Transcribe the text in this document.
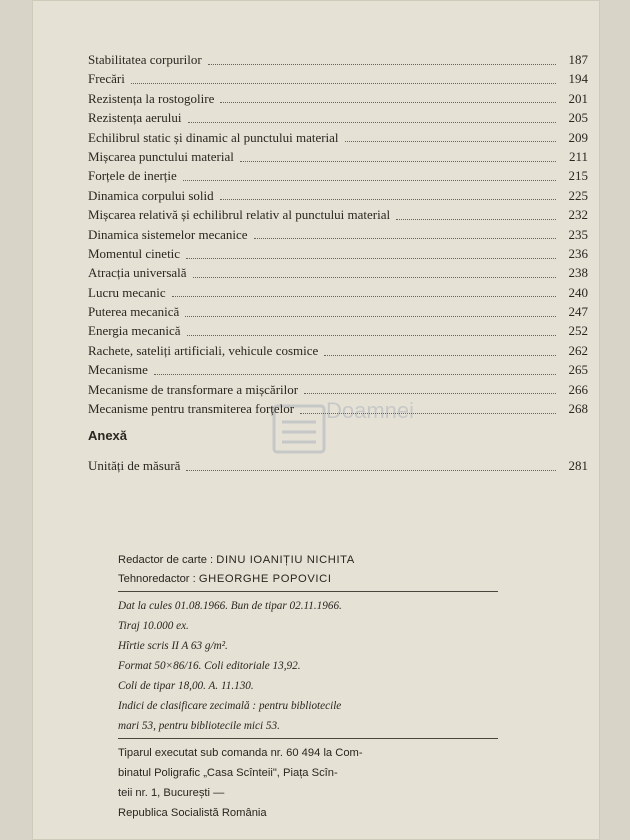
Doamnei
Stabilitatea corpurilor	187
Frecări	194
Rezistența la rostogolire	201
Rezistența aerului	205
Echilibrul static și dinamic al punctului material	209
Mișcarea punctului material	211
Forțele de inerție	215
Dinamica corpului solid	225
Mișcarea relativă și echilibrul relativ al punctului material	232
Dinamica sistemelor mecanice	235
Momentul cinetic	236
Atracția universală	238
Lucru mecanic	240
Puterea mecanică	247
Energia mecanică	252
Rachete, sateliți artificiali, vehicule cosmice	262
Mecanisme	265
Mecanisme de transformare a mișcărilor	266
Mecanisme pentru transmiterea forțelor	268
Anexă
Unități de măsură	281
Redactor de carte : DINU IOANIȚIU NICHITA
Tehnoredactor : GHEORGHE POPOVICI
Dat la cules 01.08.1966. Bun de tipar 02.11.1966.
Tiraj 10.000 ex.
Hîrtie scris II A 63 g/m².
Format 50×86/16. Coli editoriale 13,92.
Coli de tipar 18,00. A. 11.130.
Indici de clasificare zecimală : pentru bibliotecile
mari 53, pentru bibliotecile mici 53.
Tiparul executat sub comanda nr. 60 494 la Com-
binatul Poligrafic „Casa Scînteii", Piața Scîn-
teii nr. 1, București —
Republica Socialistă România
